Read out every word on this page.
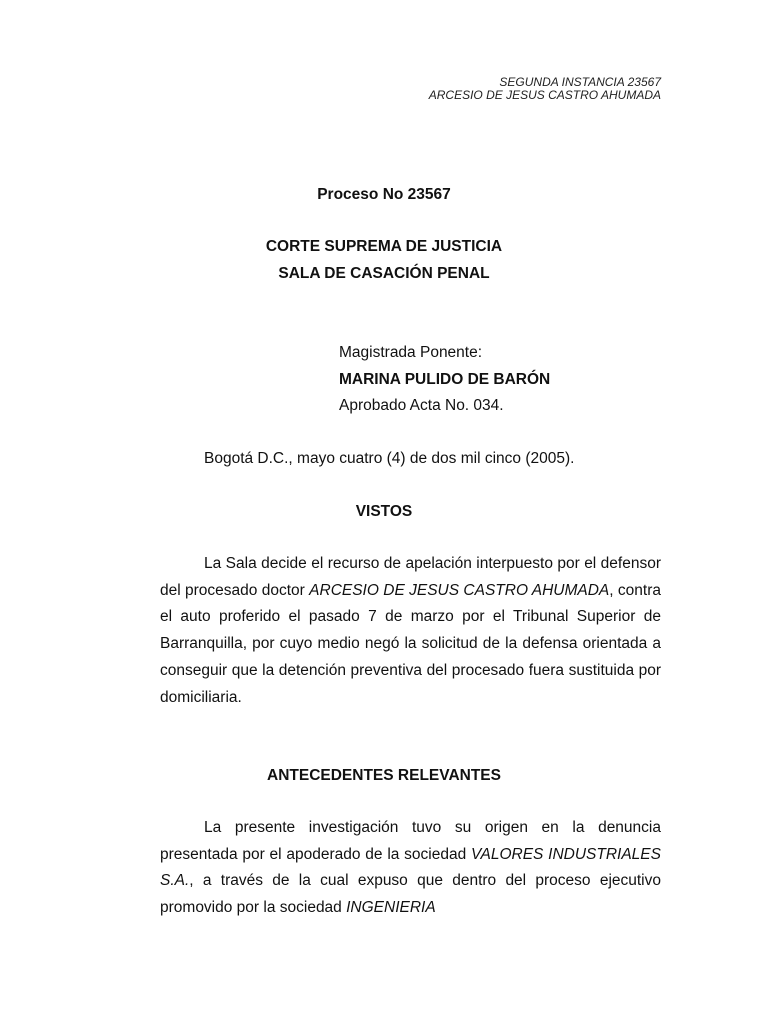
SEGUNDA INSTANCIA 23567
ARCESIO DE JESUS CASTRO AHUMADA
Proceso No 23567
CORTE SUPREMA DE JUSTICIA
SALA DE CASACIÓN PENAL
Magistrada Ponente:
MARINA PULIDO DE BARÓN
Aprobado Acta No. 034.
Bogotá D.C., mayo cuatro (4) de dos mil cinco (2005).
VISTOS

La Sala decide el recurso de apelación interpuesto por el defensor del procesado doctor ARCESIO DE JESUS CASTRO AHUMADA, contra el auto proferido el pasado 7 de marzo por el Tribunal Superior de Barranquilla, por cuyo medio negó la solicitud de la defensa orientada a conseguir que la detención preventiva del procesado fuera sustituida por domiciliaria.

ANTECEDENTES RELEVANTES

La presente investigación tuvo su origen en la denuncia presentada por el apoderado de la sociedad VALORES INDUSTRIALES S.A., a través de la cual expuso que dentro del proceso ejecutivo promovido por la sociedad INGENIERIA
